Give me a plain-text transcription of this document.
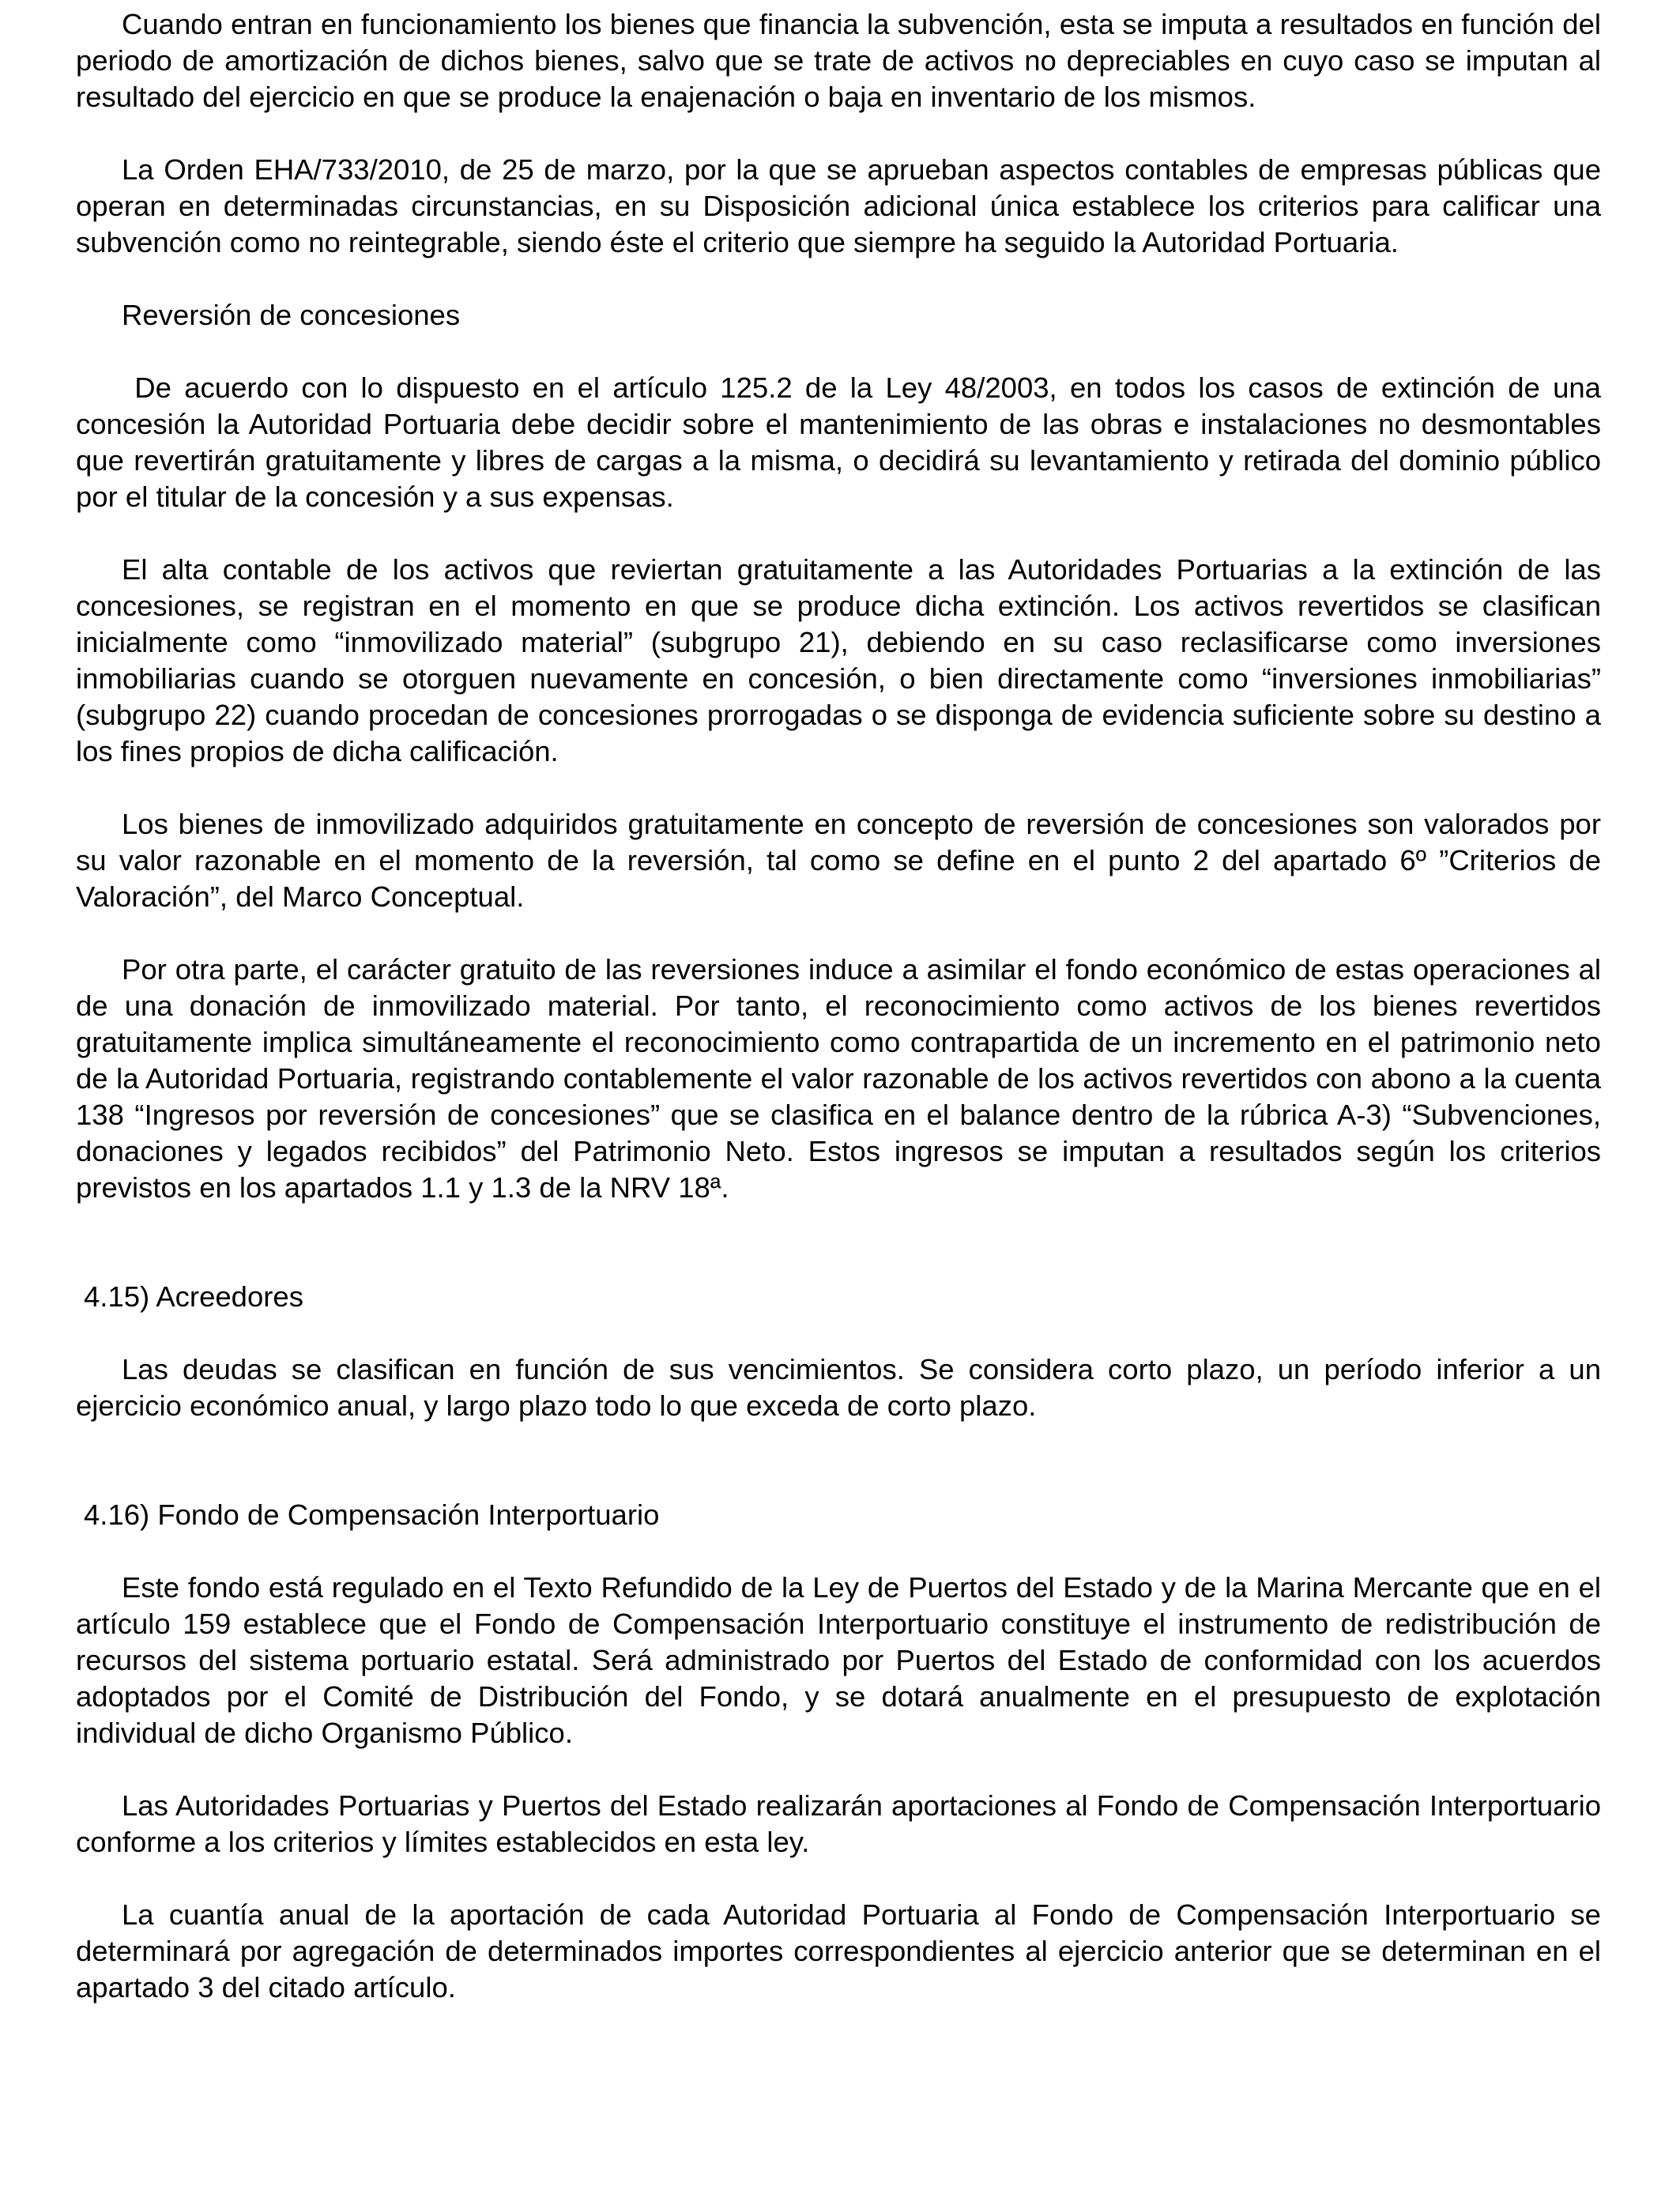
Cuando entran en funcionamiento los bienes que financia la subvención, esta se imputa a resultados en función del periodo de amortización de dichos bienes, salvo que se trate de activos no depreciables en cuyo caso se imputan al resultado del ejercicio en que se produce la enajenación o baja en inventario de los mismos.

La Orden EHA/733/2010, de 25 de marzo, por la que se aprueban aspectos contables de empresas públicas que operan en determinadas circunstancias, en su Disposición adicional única establece los criterios para calificar una subvención como no reintegrable, siendo éste el criterio que siempre ha seguido la Autoridad Portuaria.

Reversión de concesiones

De acuerdo con lo dispuesto en el artículo 125.2 de la Ley 48/2003, en todos los casos de extinción de una concesión la Autoridad Portuaria debe decidir sobre el mantenimiento de las obras e instalaciones no desmontables que revertirán gratuitamente y libres de cargas a la misma, o decidirá su levantamiento y retirada del dominio público por el titular de la concesión y a sus expensas.

El alta contable de los activos que reviertan gratuitamente a las Autoridades Portuarias a la extinción de las concesiones, se registran en el momento en que se produce dicha extinción. Los activos revertidos se clasifican inicialmente como “inmovilizado material” (subgrupo 21), debiendo en su caso reclasificarse como inversiones inmobiliarias cuando se otorguen nuevamente en concesión, o bien directamente como “inversiones inmobiliarias” (subgrupo 22) cuando procedan de concesiones prorrogadas o se disponga de evidencia suficiente sobre su destino a los fines propios de dicha calificación.

Los bienes de inmovilizado adquiridos gratuitamente en concepto de reversión de concesiones son valorados por su valor razonable en el momento de la reversión, tal como se define en el punto 2 del apartado 6º ”Criterios de Valoración”, del Marco Conceptual.

Por otra parte, el carácter gratuito de las reversiones induce a asimilar el fondo económico de estas operaciones al de una donación de inmovilizado material. Por tanto, el reconocimiento como activos de los bienes revertidos gratuitamente implica simultáneamente el reconocimiento como contrapartida de un incremento en el patrimonio neto de la Autoridad Portuaria, registrando contablemente el valor razonable de los activos revertidos con abono a la cuenta 138 “Ingresos por reversión de concesiones” que se clasifica en el balance dentro de la rúbrica A-3) “Subvenciones, donaciones y legados recibidos” del Patrimonio Neto. Estos ingresos se imputan a resultados según los criterios previstos en los apartados 1.1 y 1.3 de la NRV 18ª.

4.15) Acreedores

Las deudas se clasifican en función de sus vencimientos. Se considera corto plazo, un período inferior a un ejercicio económico anual, y largo plazo todo lo que exceda de corto plazo.

4.16) Fondo de Compensación Interportuario

Este fondo está regulado en el Texto Refundido de la Ley de Puertos del Estado y de la Marina Mercante que en el artículo 159 establece que el Fondo de Compensación Interportuario constituye el instrumento de redistribución de recursos del sistema portuario estatal. Será administrado por Puertos del Estado de conformidad con los acuerdos adoptados por el Comité de Distribución del Fondo, y se dotará anualmente en el presupuesto de explotación individual de dicho Organismo Público.

Las Autoridades Portuarias y Puertos del Estado realizarán aportaciones al Fondo de Compensación Interportuario conforme a los criterios y límites establecidos en esta ley.

La cuantía anual de la aportación de cada Autoridad Portuaria al Fondo de Compensación Interportuario se determinará por agregación de determinados importes correspondientes al ejercicio anterior que se determinan en el apartado 3 del citado artículo.
